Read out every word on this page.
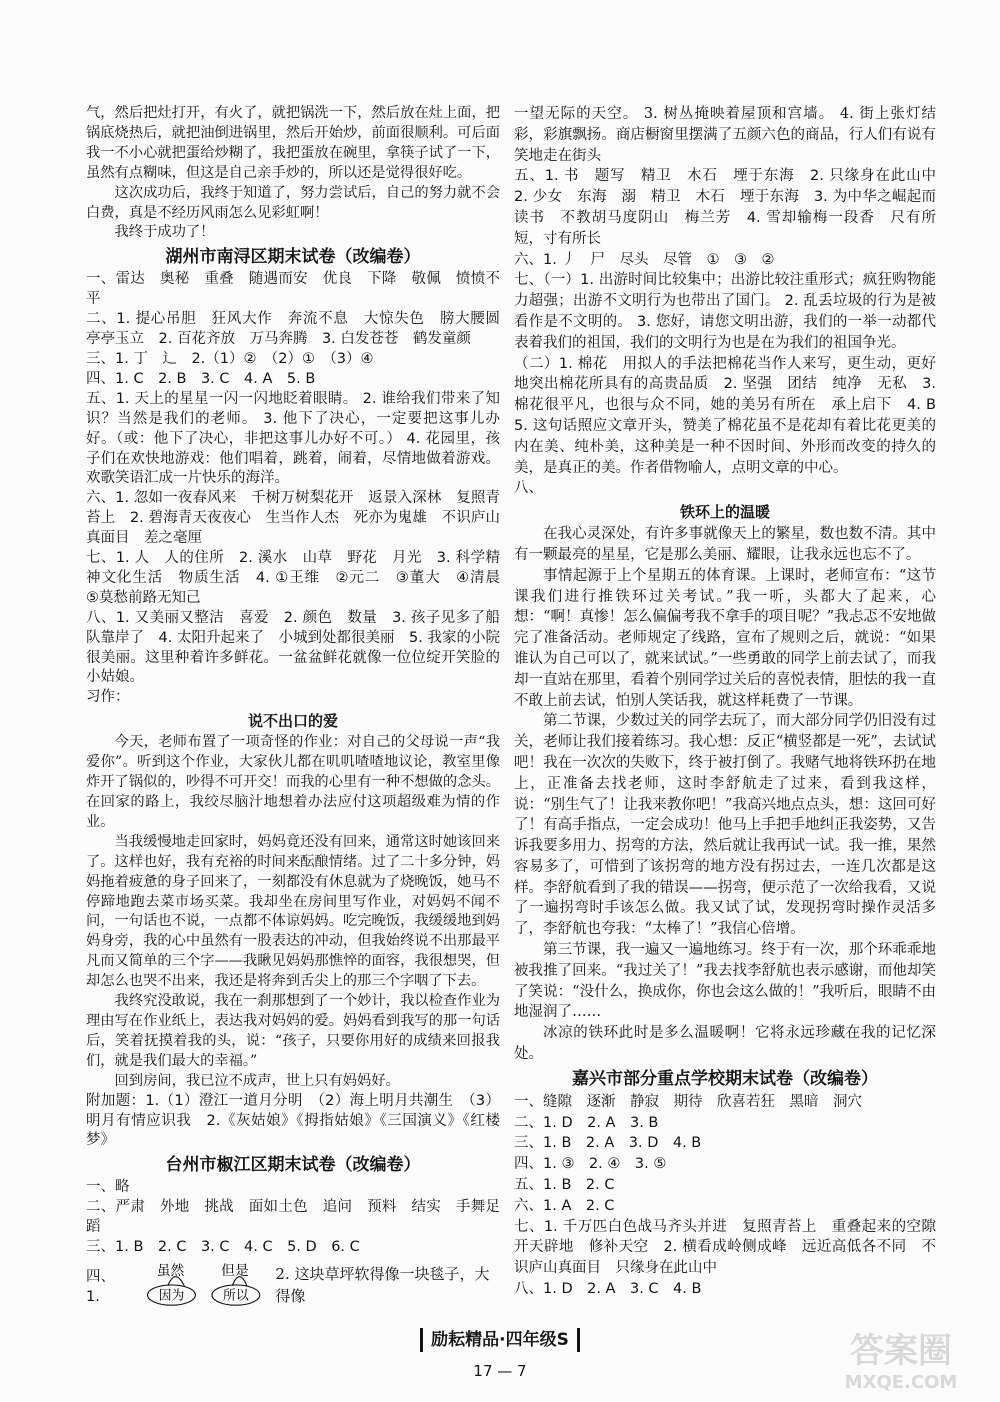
气，然后把灶打开，有火了，就把锅洗一下，然后放在灶上面，把锅底烧热后，就把油倒进锅里，然后开始炒，前面很顺利。可后面我一不小心就把蛋给炒糊了，我把蛋放在碗里，拿筷子试了一下，虽然有点糊味，但这是自己亲手炒的，所以还是觉得很好吃。

这次成功后，我终于知道了，努力尝试后，自己的努力就不会白费，真是不经历风雨怎么见彩虹啊！

我终于成功了！

湖州市南浔区期末试卷（改编卷）

一、雷达　奥秘　重叠　随遇而安　优良　下降　敬佩　愤愤不平

二、1. 提心吊胆　狂风大作　奔流不息　大惊失色　膀大腰圆　亭亭玉立　2. 百花齐放　万马奔腾　3. 白发苍苍　鹤发童颜

三、1. 丁　辶　2.（1）②　（2）①　（3）④

四、1. C　2. B　3. C　4. A　5. B

五、1. 天上的星星一闪一闪地眨着眼睛。 2. 谁给我们带来了知识？当然是我们的老师。 3. 他下了决心，一定要把这事儿办好。（或：他下了决心，非把这事儿办好不可。） 4. 花园里，孩子们在欢快地游戏：他们唱着，跳着，闹着，尽情地做着游戏。欢歌笑语汇成一片快乐的海洋。

六、1. 忽如一夜春风来　千树万树梨花开　返景入深林　复照青苔上　2. 碧海青天夜夜心　生当作人杰　死亦为鬼雄　不识庐山真面目　差之毫厘

七、1. 人　人的住所　2. 溪水　山草　野花　月光　3. 科学精神文化生活　物质生活　4. ①王维　②元二　③董大　④清晨　⑤莫愁前路无知己

八、1. 又美丽又整洁　喜爱　2. 颜色　数量　3. 孩子见多了船队靠岸了　4. 太阳升起来了　小城到处都很美丽　5. 我家的小院很美丽。这里种着许多鲜花。一盆盆鲜花就像一位位绽开笑脸的小姑娘。

习作：

说不出口的爱

今天，老师布置了一项奇怪的作业：对自己的父母说一声“我爱你”。听到这个作业，大家伙儿都在叽叽喳喳地议论，教室里像炸开了锅似的，吵得不可开交！而我的心里有一种不想做的念头。在回家的路上，我绞尽脑汁地想着办法应付这项超级难为情的作业。

当我缓慢地走回家时，妈妈竟还没有回来，通常这时她该回来了。这样也好，我有充裕的时间来酝酿情绪。过了二十多分钟，妈妈拖着疲惫的身子回来了，一刻都没有休息就为了烧晚饭，她马不停蹄地跑去菜市场买菜。我却坐在房间里写作业，对妈妈不闻不问，一句话也不说，一点都不体谅妈妈。吃完晚饭，我缓缓地到妈妈身旁，我的心中虽然有一股表达的冲动，但我始终说不出那最平凡而又简单的三个字——我瞅见妈妈那憔悴的面容，我很想哭，但却怎么也哭不出来，我还是将奔到舌尖上的那三个字咽了下去。

我终究没敢说，我在一刹那想到了一个妙计，我以检查作业为理由写在作业纸上，表达我对妈妈的爱。妈妈看到我写的那一句话后，笑着抚摸着我的头，说：“孩子，只要你用好的成绩来回报我们，就是我们最大的幸福。”

回到房间，我已泣不成声，世上只有妈妈好。

附加题：1.（1）澄江一道月分明　（2）海上明月共潮生　（3）明月有情应识我　2.《灰姑娘》《拇指姑娘》《三国演义》《红楼梦》

台州市椒江区期末试卷（改编卷）

一、略

二、严肃　外地　挑战　面如土色　追问　预料　结实　手舞足蹈

三、1. B　2. C　3. C　4. C　5. D　6. C

四、1.
虽然 但是
因为	所以
2. 这块草坪软得像一块毯子，大得像

一望无际的天空。 3. 树丛掩映着屋顶和宫墙。 4. 街上张灯结彩，彩旗飘扬。商店橱窗里摆满了五颜六色的商品，行人们有说有笑地走在街头

五、1. 书　题写　精卫　木石　堙于东海　2. 只缘身在此山中　2. 少女　东海　溺　精卫　木石　堙于东海　3. 为中华之崛起而读书　不教胡马度阴山　梅兰芳　4. 雪却输梅一段香　尺有所短，寸有所长

六、1. 丿　尸　尽头　尽管　①　③　②

七、（一）1. 出游时间比较集中；出游比较注重形式；疯狂购物能力超强；出游不文明行为也带出了国门。 2. 乱丢垃圾的行为是被看作是不文明的。 3. 您好，请您文明出游，我们的一举一动都代表着我们的祖国，我们的文明行为也是在为我们的祖国争光。

（二）1. 棉花　用拟人的手法把棉花当作人来写，更生动，更好地突出棉花所具有的高贵品质　2. 坚强　团结　纯净　无私　3. 棉花很平凡，也很与众不同，她的美另有所在　承上启下　4. B　5. 这句话照应文章开头，赞美了棉花虽不是花却有着比花更美的内在美、纯朴美，这种美是一种不因时间、外形而改变的持久的美，是真正的美。作者借物喻人，点明文章的中心。

八、

铁环上的温暖

在我心灵深处，有许多事就像天上的繁星，数也数不清。其中有一颗最亮的星星，它是那么美丽、耀眼，让我永远也忘不了。

事情起源于上个星期五的体育课。上课时，老师宣布：“这节课我们进行推铁环过关考试。”我一听，头都大了起来，心想：“啊！真惨！怎么偏偏考我不拿手的项目呢？”我忐忑不安地做完了准备活动。老师规定了线路，宣布了规则之后，就说：“如果谁认为自己可以了，就来试试。”一些勇敢的同学上前去试了，而我却一直站在那里，看着个别同学过关后的喜悦表情，胆怯的我一直不敢上前去试，怕别人笑话我，就这样耗费了一节课。

第二节课，少数过关的同学去玩了，而大部分同学仍旧没有过关，老师让我们接着练习。我心想：反正“横竖都是一死”，去试试吧！我在一次次的失败下，终于被打倒了。我赌气地将铁环扔在地上，正准备去找老师，这时李舒航走了过来，看到我这样，说：“别生气了！让我来教你吧！”我高兴地点点头，想：这回可好了！有高手指点，一定会成功！他马上手把手地纠正我姿势，又告诉我要多用力、拐弯的方法，然后就让我再试一试。我一推，果然容易多了，可惜到了该拐弯的地方没有拐过去，一连几次都是这样。李舒航看到了我的错误——拐弯，便示范了一次给我看，又说了一遍拐弯时手该怎么做。我又试了试，发现拐弯时操作灵活多了，李舒航也夸我：“太棒了！”我信心倍增。

第三节课，我一遍又一遍地练习。终于有一次，那个环乖乖地被我推了回来。“我过关了！”我去找李舒航也表示感谢，而他却笑了笑说：“没什么，换成你，你也会这么做的！”我听后，眼睛不由地湿润了……

冰凉的铁环此时是多么温暖啊！它将永远珍藏在我的记忆深处。

嘉兴市部分重点学校期末试卷（改编卷）

一、缝隙　逐渐　静寂　期待　欣喜若狂　黑暗　洞穴

二、1. D　2. A　3. B

三、1. B　2. A　3. D　4. B

四、1. ③　2. ④　3. ⑤

五、1. B　2. C

六、1. A　2. C

七、1. 千万匹白色战马齐头并进　复照青苔上　重叠起来的空隙　开天辟地　修补天空　2. 横看成岭侧成峰　远近高低各不同　不识庐山真面目　只缘身在此山中

八、1. D　2. A　3. C　4. B

励耘精品·四年级S
17 — 7	答案圈
MXQE.COM
